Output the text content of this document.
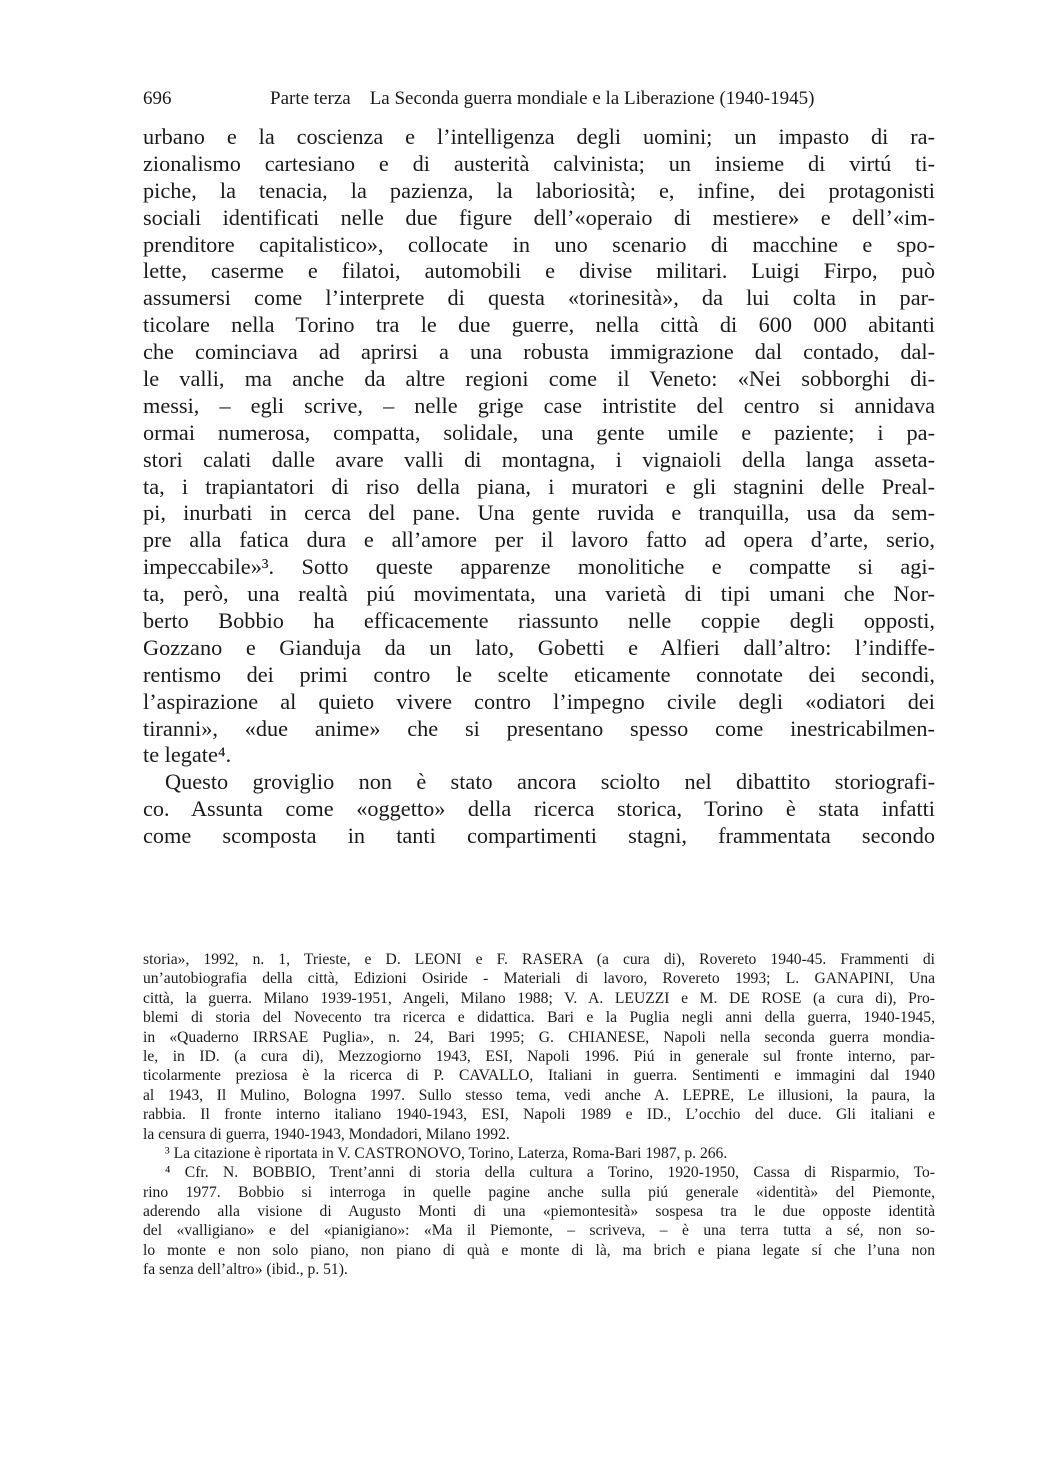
696	Parte terza    La Seconda guerra mondiale e la Liberazione (1940-1945)
urbano e la coscienza e l’intelligenza degli uomini; un impasto di ra-
zionalismo cartesiano e di austerità calvinista; un insieme di virtú ti-
piche, la tenacia, la pazienza, la laboriosità; e, infine, dei protagonisti
sociali identificati nelle due figure dell’«operaio di mestiere» e dell’«im-
prenditore capitalistico», collocate in uno scenario di macchine e spo-
lette, caserme e filatoi, automobili e divise militari. Luigi Firpo, può
assumersi come l’interprete di questa «torinesità», da lui colta in par-
ticolare nella Torino tra le due guerre, nella città di 600 000 abitanti
che cominciava ad aprirsi a una robusta immigrazione dal contado, dal-
le valli, ma anche da altre regioni come il Veneto: «Nei sobborghi di-
messi, – egli scrive, – nelle grige case intristite del centro si annidava
ormai numerosa, compatta, solidale, una gente umile e paziente; i pa-
stori calati dalle avare valli di montagna, i vignaioli della langa asseta-
ta, i trapiantatori di riso della piana, i muratori e gli stagnini delle Preal-
pi, inurbati in cerca del pane. Una gente ruvida e tranquilla, usa da sem-
pre alla fatica dura e all’amore per il lavoro fatto ad opera d’arte, serio,
impeccabile»³. Sotto queste apparenze monolitiche e compatte si agi-
ta, però, una realtà piú movimentata, una varietà di tipi umani che Nor-
berto Bobbio ha efficacemente riassunto nelle coppie degli opposti,
Gozzano e Gianduja da un lato, Gobetti e Alfieri dall’altro: l’indiffe-
rentismo dei primi contro le scelte eticamente connotate dei secondi,
l’aspirazione al quieto vivere contro l’impegno civile degli «odiatori dei
tiranni», «due anime» che si presentano spesso come inestricabilmen-
te legate⁴.
Questo groviglio non è stato ancora sciolto nel dibattito storiografi-
co. Assunta come «oggetto» della ricerca storica, Torino è stata infatti
come scomposta in tanti compartimenti stagni, frammentata secondo
storia», 1992, n. 1, Trieste, e D. LEONI e F. RASERA (a cura di), Rovereto 1940-45. Frammenti di
un’autobiografia della città, Edizioni Osiride - Materiali di lavoro, Rovereto 1993; L. GANAPINI, Una
città, la guerra. Milano 1939-1951, Angeli, Milano 1988; V. A. LEUZZI e M. DE ROSE (a cura di), Pro-
blemi di storia del Novecento tra ricerca e didattica. Bari e la Puglia negli anni della guerra, 1940-1945,
in «Quaderno IRRSAE Puglia», n. 24, Bari 1995; G. CHIANESE, Napoli nella seconda guerra mondia-
le, in ID. (a cura di), Mezzogiorno 1943, ESI, Napoli 1996. Piú in generale sul fronte interno, par-
ticolarmente preziosa è la ricerca di P. CAVALLO, Italiani in guerra. Sentimenti e immagini dal 1940
al 1943, Il Mulino, Bologna 1997. Sullo stesso tema, vedi anche A. LEPRE, Le illusioni, la paura, la
rabbia. Il fronte interno italiano 1940-1943, ESI, Napoli 1989 e ID., L’occhio del duce. Gli italiani e
la censura di guerra, 1940-1943, Mondadori, Milano 1992.
³ La citazione è riportata in V. CASTRONOVO, Torino, Laterza, Roma-Bari 1987, p. 266.
⁴ Cfr. N. BOBBIO, Trent’anni di storia della cultura a Torino, 1920-1950, Cassa di Risparmio, To-
rino 1977. Bobbio si interroga in quelle pagine anche sulla piú generale «identità» del Piemonte,
aderendo alla visione di Augusto Monti di una «piemontesità» sospesa tra le due opposte identità
del «valligiano» e del «pianigiano»: «Ma il Piemonte, – scriveva, – è una terra tutta a sé, non so-
lo monte e non solo piano, non piano di quà e monte di là, ma brich e piana legate sí che l’una non
fa senza dell’altro» (ibid., p. 51).
